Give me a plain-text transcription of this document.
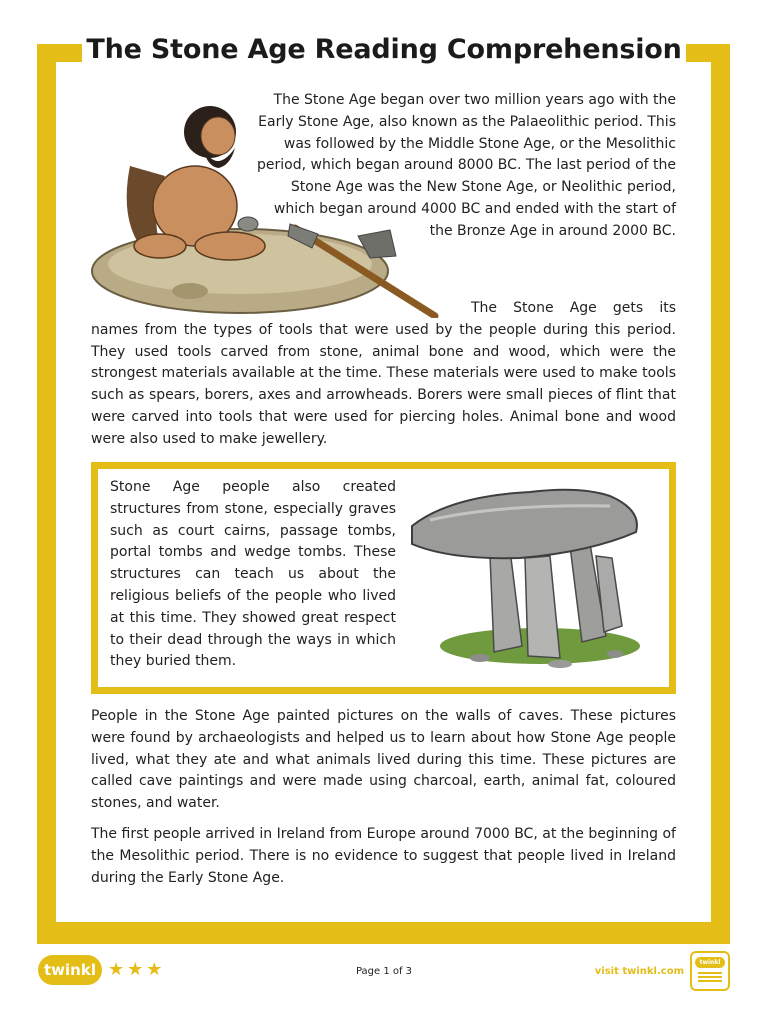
The Stone Age Reading Comprehension

The Stone Age began over two million years ago with the Early Stone Age, also known as the Palaeolithic period. This was followed by the Middle Stone Age, or the Mesolithic period, which began around 8000 BC. The last period of the Stone Age was the New Stone Age, or Neolithic period, which began around 4000 BC and ended with the start of the Bronze Age in around 2000 BC.

The Stone Age gets its names from the types of tools that were used by the people during this period. They used tools carved from stone, animal bone and wood, which were the strongest materials available at the time. These materials were used to make tools such as spears, borers, axes and arrowheads. Borers were small pieces of flint that were carved into tools that were used for piercing holes. Animal bone and wood were also used to make jewellery.

Stone Age people also created structures from stone, especially graves such as court cairns, passage tombs, portal tombs and wedge tombs. These structures can teach us about the religious beliefs of the people who lived at this time. They showed great respect to their dead through the ways in which they buried them.

People in the Stone Age painted pictures on the walls of caves. These pictures were found by archaeologists and helped us to learn about how Stone Age people lived, what they ate and what animals lived during this time. These pictures are called cave paintings and were made using charcoal, earth, animal fat, coloured stones, and water.

The first people arrived in Ireland from Europe around 7000 BC, at the beginning of the Mesolithic period. There is no evidence to suggest that people lived in Ireland during the Early Stone Age.

twinkl ★ ★ ★	Page 1 of 3	visit twinkl.com
twinkl
